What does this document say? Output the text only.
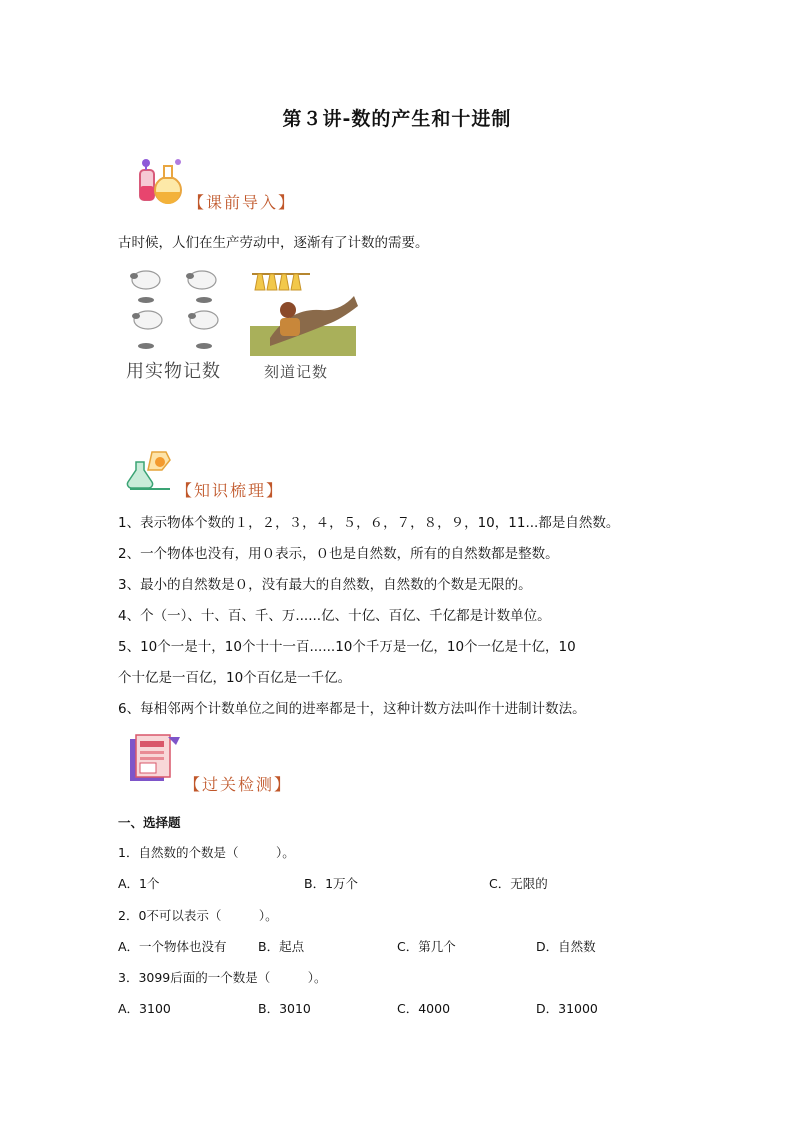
第３讲-数的产生和十进制
【课前导入】
古时候，人们在生产劳动中，逐渐有了计数的需要。
用实物记数	刻道记数
【知识梳理】
1、表示物体个数的１，２，３，４，５，６，７，８，９，10，11...都是自然数。
2、一个物体也没有，用０表示，０也是自然数，所有的自然数都是整数。
3、最小的自然数是０，没有最大的自然数，自然数的个数是无限的。
4、个（一）、十、百、千、万......亿、十亿、百亿、千亿都是计数单位。
5、10个一是十，10个十十一百......10个千万是一亿，10个一亿是十亿，10
个十亿是一百亿，10个百亿是一千亿。
6、每相邻两个计数单位之间的进率都是十，这种计数方法叫作十进制计数法。
【过关检测】
一、选择题
1．自然数的个数是（　　　）。
A．1个	B．1万个	C．无限的
2．0不可以表示（　　　）。
A．一个物体也没有	B．起点	C．第几个	D．自然数
3．3099后面的一个数是（　　　）。
A．3100	B．3010	C．4000	D．31000
